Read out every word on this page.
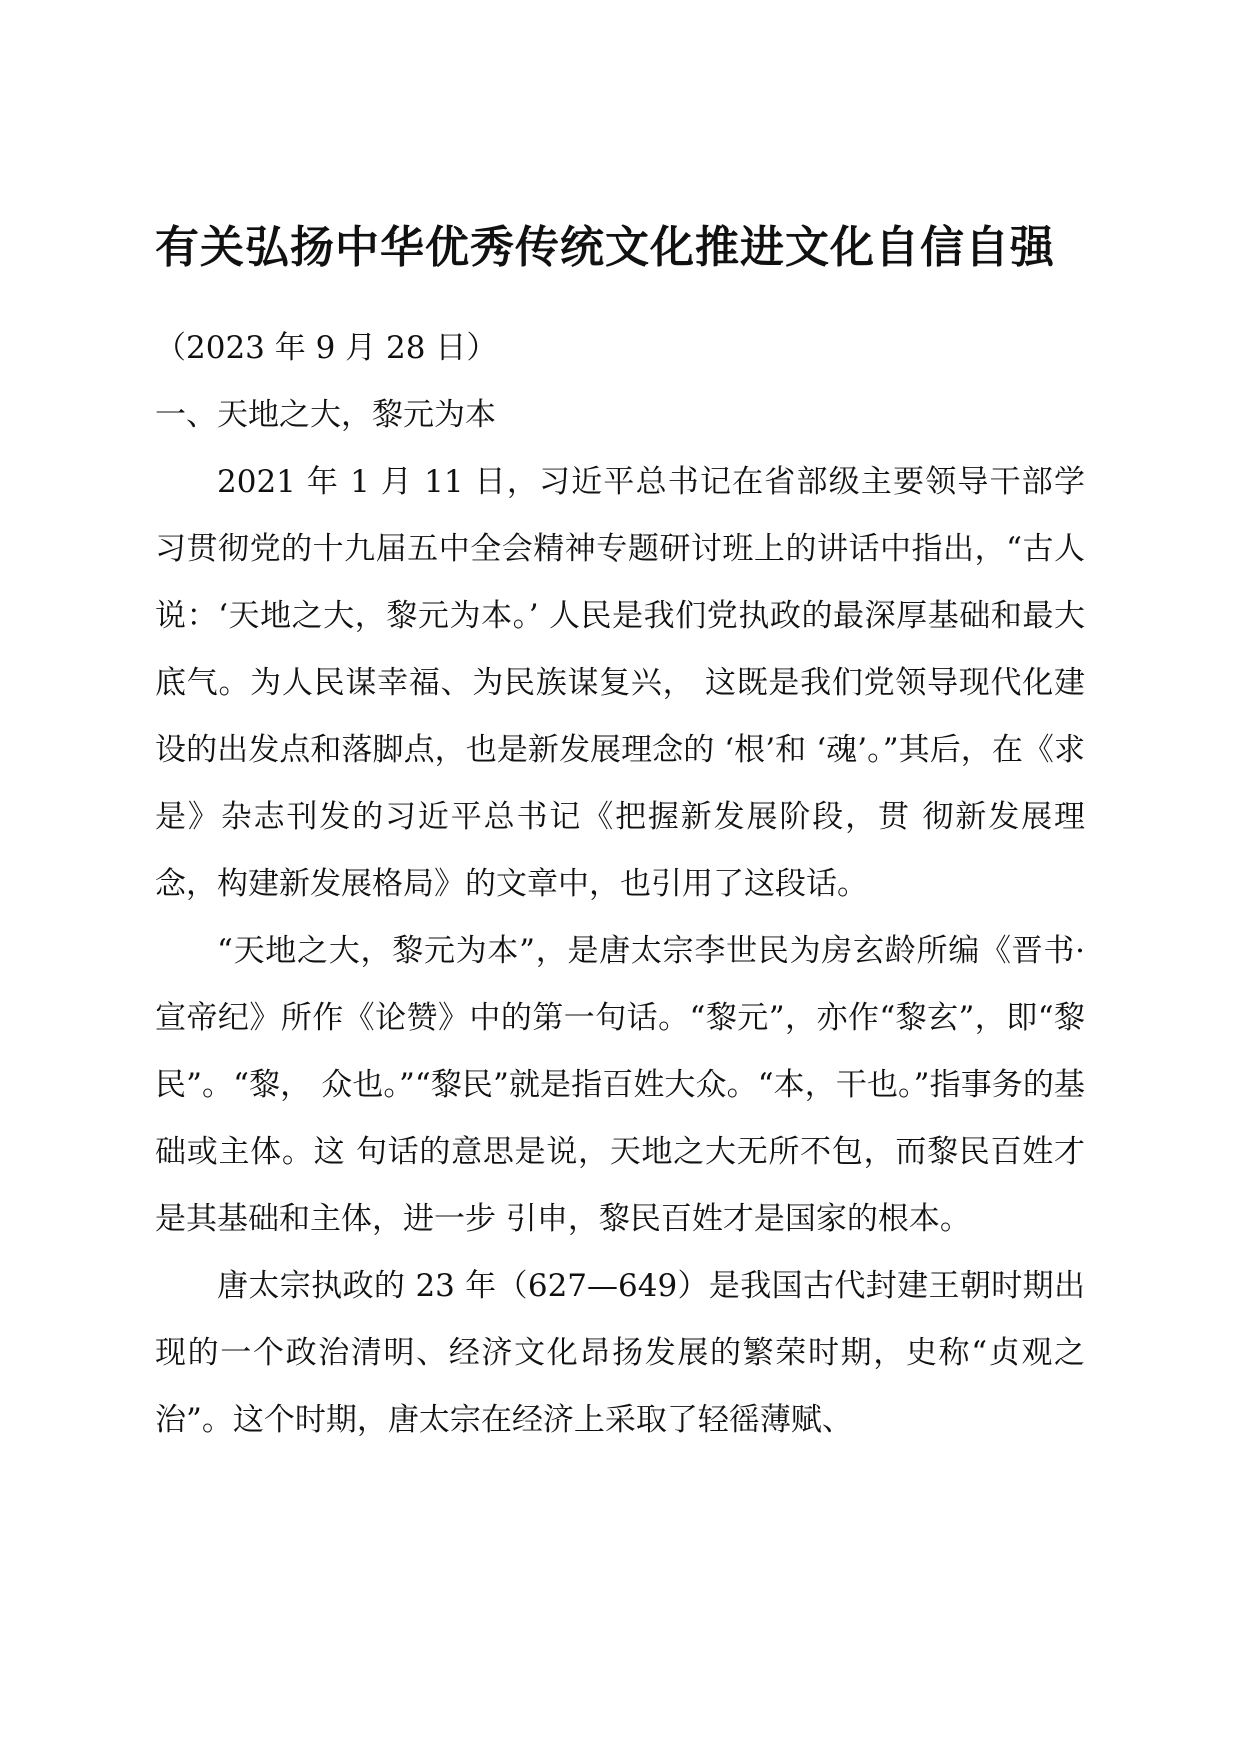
有关弘扬中华优秀传统文化推进文化自信自强

（2023 年 9 月 28 日）

一、天地之大，黎元为本

2021 年 1 月 11 日，习近平总书记在省部级主要领导干部学习贯彻党的十九届五中全会精神专题研讨班上的讲话中指出，“古人说：‘天地之大，黎元为本。’ 人民是我们党执政的最深厚基础和最大底气。为人民谋幸福、为民族谋复兴， 这既是我们党领导现代化建设的出发点和落脚点，也是新发展理念的 ‘根’和 ‘魂’。”其后，在《求是》杂志刊发的习近平总书记《把握新发展阶段，贯 彻新发展理念，构建新发展格局》的文章中，也引用了这段话。

“天地之大，黎元为本”，是唐太宗李世民为房玄龄所编《晋书·宣帝纪》所作《论赞》中的第一句话。“黎元”，亦作“黎玄”，即“黎民”。“黎， 众也。”“黎民”就是指百姓大众。“本，干也。”指事务的基础或主体。这 句话的意思是说，天地之大无所不包，而黎民百姓才是其基础和主体，进一步 引申，黎民百姓才是国家的根本。

唐太宗执政的 23 年（627—649）是我国古代封建王朝时期出现的一个政治清明、经济文化昂扬发展的繁荣时期，史称“贞观之治”。这个时期，唐太宗在经济上采取了轻徭薄赋、
